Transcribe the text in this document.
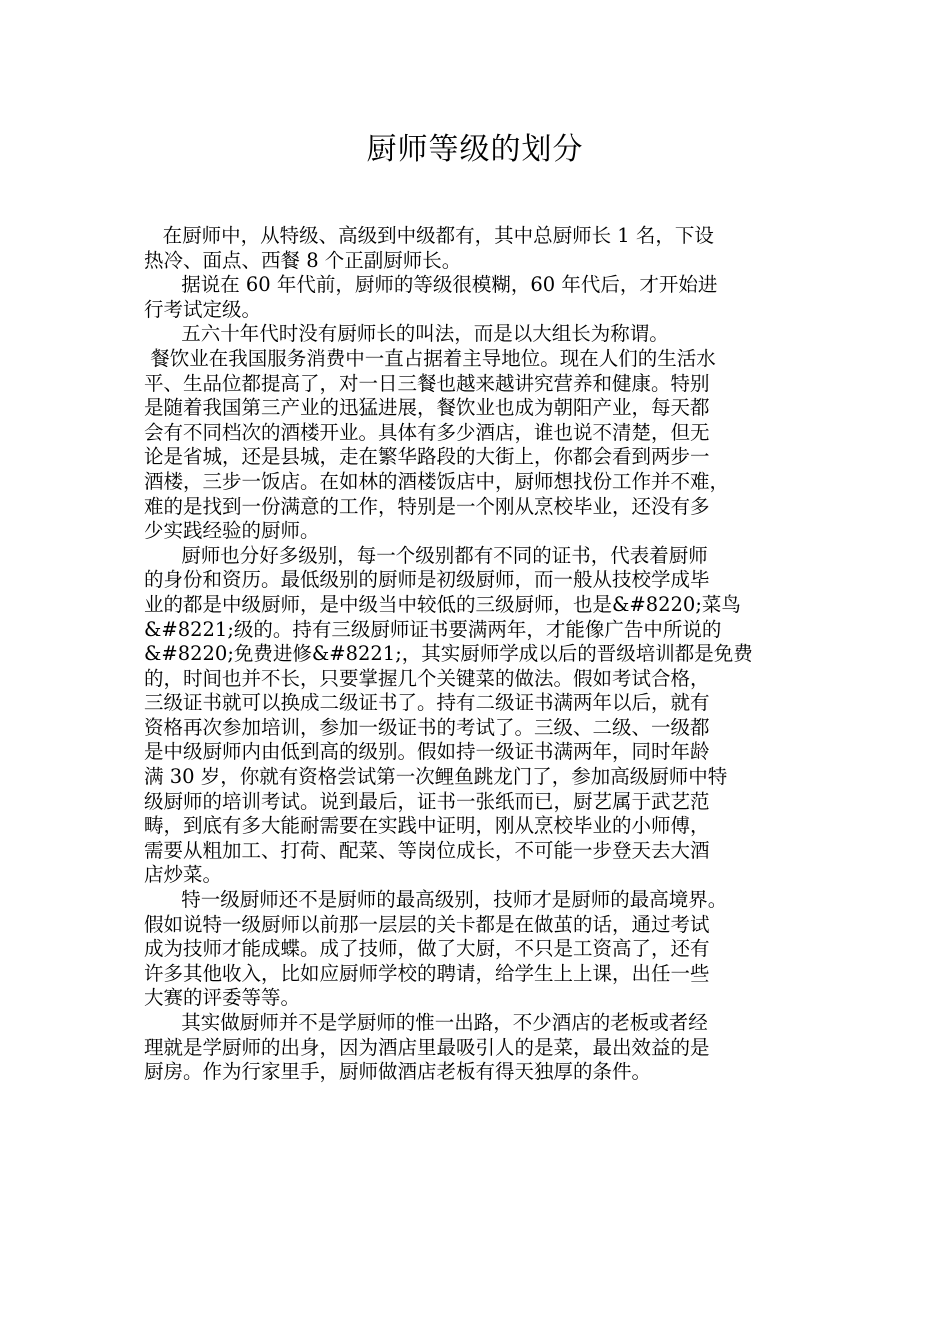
厨师等级的划分
在厨师中，从特级、高级到中级都有，其中总厨师长 1 名，下设
热冷、面点、西餐 8 个正副厨师长。
据说在 60 年代前，厨师的等级很模糊，60 年代后，才开始进
行考试定级。
五六十年代时没有厨师长的叫法，而是以大组长为称谓。
餐饮业在我国服务消费中一直占据着主导地位。现在人们的生活水
平、生品位都提高了，对一日三餐也越来越讲究营养和健康。特别
是随着我国第三产业的迅猛进展，餐饮业也成为朝阳产业，每天都
会有不同档次的酒楼开业。具体有多少酒店，谁也说不清楚，但无
论是省城，还是县城，走在繁华路段的大街上，你都会看到两步一
酒楼，三步一饭店。在如林的酒楼饭店中，厨师想找份工作并不难，
难的是找到一份满意的工作，特别是一个刚从烹校毕业，还没有多
少实践经验的厨师。
厨师也分好多级别，每一个级别都有不同的证书，代表着厨师
的身份和资历。最低级别的厨师是初级厨师，而一般从技校学成毕
业的都是中级厨师，是中级当中较低的三级厨师，也是&#8220;菜鸟
&#8221;级的。持有三级厨师证书要满两年，才能像广告中所说的
&#8220;免费进修&#8221;，其实厨师学成以后的晋级培训都是免费
的，时间也并不长，只要掌握几个关键菜的做法。假如考试合格，
三级证书就可以换成二级证书了。持有二级证书满两年以后，就有
资格再次参加培训，参加一级证书的考试了。三级、二级、一级都
是中级厨师内由低到高的级别。假如持一级证书满两年，同时年龄
满 30 岁，你就有资格尝试第一次鲤鱼跳龙门了，参加高级厨师中特
级厨师的培训考试。说到最后，证书一张纸而已，厨艺属于武艺范
畴，到底有多大能耐需要在实践中证明，刚从烹校毕业的小师傅，
需要从粗加工、打荷、配菜、等岗位成长，不可能一步登天去大酒
店炒菜。
特一级厨师还不是厨师的最高级别，技师才是厨师的最高境界。
假如说特一级厨师以前那一层层的关卡都是在做茧的话，通过考试
成为技师才能成蝶。成了技师，做了大厨，不只是工资高了，还有
许多其他收入，比如应厨师学校的聘请，给学生上上课，出任一些
大赛的评委等等。
其实做厨师并不是学厨师的惟一出路，不少酒店的老板或者经
理就是学厨师的出身，因为酒店里最吸引人的是菜，最出效益的是
厨房。作为行家里手，厨师做酒店老板有得天独厚的条件。
